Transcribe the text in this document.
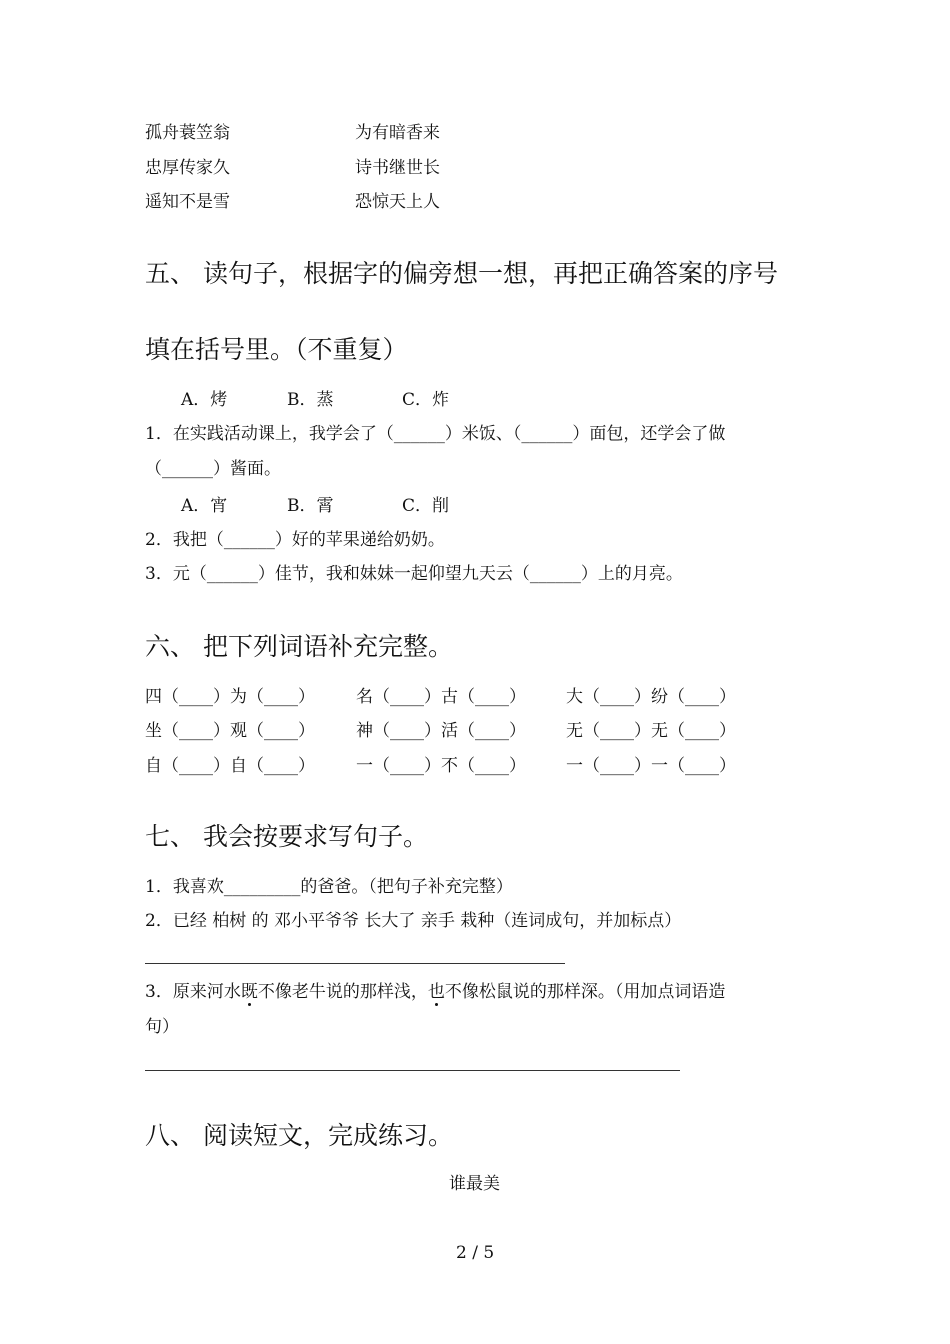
孤舟蓑笠翁	为有暗香来
忠厚传家久	诗书继世长
遥知不是雪	恐惊天上人
五、 读句子，根据字的偏旁想一想，再把正确答案的序号
填在括号里。（不重复）
A．烤	B．蒸	C．炸
1．在实践活动课上，我学会了（______）米饭、（______）面包，还学会了做
（______）酱面。
A．宵	B．霄	C．削
2．我把（______）好的苹果递给奶奶。
3．元（______）佳节，我和妹妹一起仰望九天云（______）上的月亮。
六、 把下列词语补充完整。
四（____）为（____） 名（____）古（____） 大（____）纷（____）
坐（____）观（____） 神（____）活（____） 无（____）无（____）
自（____）自（____） 一（____）不（____） 一（____）一（____）
七、 我会按要求写句子。
1．我喜欢_________的爸爸。（把句子补充完整）
2．已经 柏树 的 邓小平爷爷 长大了 亲手 栽种（连词成句，并加标点）
3．原来河水既不像老牛说的那样浅，也不像松鼠说的那样深。（用加点词语造
句）
八、 阅读短文，完成练习。
谁最美
2 / 5
